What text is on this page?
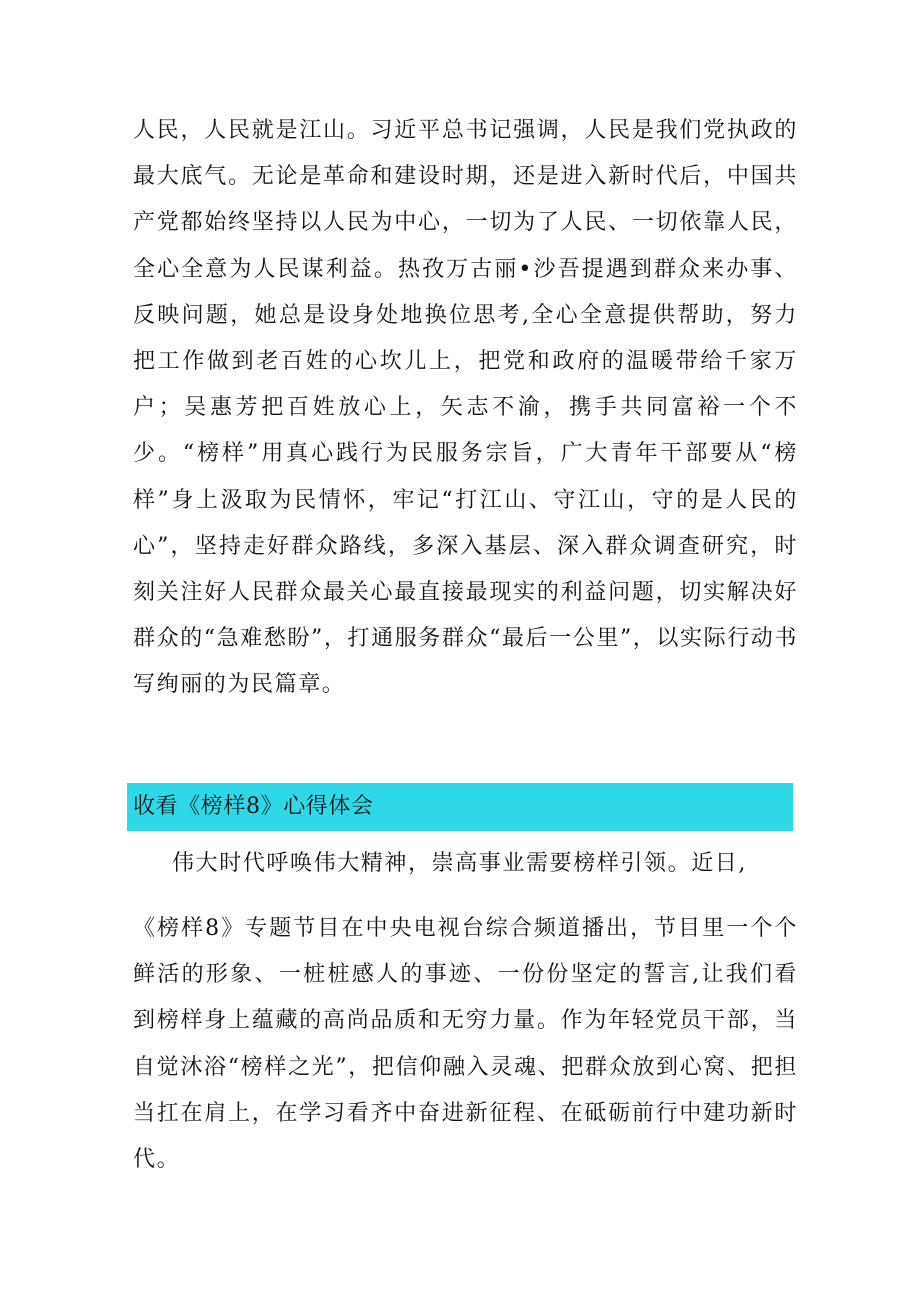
人民，人民就是江山。习近平总书记强调，人民是我们党执政的最大底气。无论是革命和建设时期，还是进入新时代后，中国共产党都始终坚持以人民为中心，一切为了人民、一切依靠人民，全心全意为人民谋利益。热孜万古丽•沙吾提遇到群众来办事、反映问题，她总是设身处地换位思考,全心全意提供帮助，努力把工作做到老百姓的心坎儿上，把党和政府的温暖带给千家万户；吴惠芳把百姓放心上，矢志不渝，携手共同富裕一个不少。“榜样”用真心践行为民服务宗旨，广大青年干部要从“榜样”身上汲取为民情怀，牢记“打江山、守江山，守的是人民的心”，坚持走好群众路线，多深入基层、深入群众调查研究，时刻关注好人民群众最关心最直接最现实的利益问题，切实解决好群众的“急难愁盼”，打通服务群众“最后一公里”，以实际行动书写绚丽的为民篇章。

收看《榜样8》心得体会

伟大时代呼唤伟大精神，崇高事业需要榜样引领。近日,

《榜样8》专题节目在中央电视台综合频道播出，节目里一个个鲜活的形象、一桩桩感人的事迹、一份份坚定的誓言,让我们看到榜样身上蕴藏的高尚品质和无穷力量。作为年轻党员干部，当自觉沐浴“榜样之光”，把信仰融入灵魂、把群众放到心窝、把担当扛在肩上，在学习看齐中奋进新征程、在砥砺前行中建功新时代。
